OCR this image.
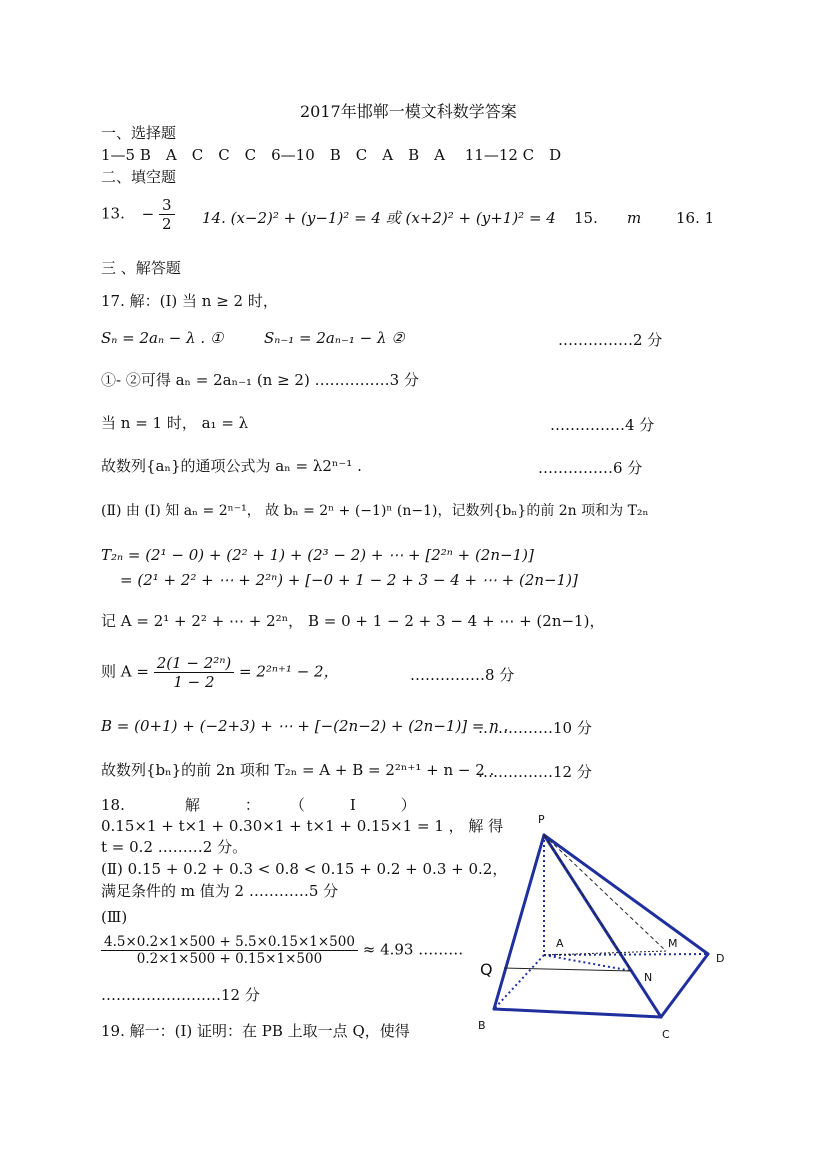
2017年邯郸一模文科数学答案
一、选择题
1—5 B　A　C　C　C　6—10　B　C　A　B　A　 11—12 C　D
二、填空题
13. − $\frac{3}{2} 14$. (x−2)² + (y−1)² = 4 或 (x+2)² + (y+1)² = 4 15. m 16. 1
三 、解答题
17. 解：(Ⅰ) 当 n ≥ 2 时，
Sₙ = 2aₙ − λ . ①	Sₙ₋₁ = 2aₙ₋₁ − λ ②	……………2 分
①‐ ②可得 aₙ = 2aₙ₋₁ (n ≥ 2) ……………3 分
当 n = 1 时， a₁ = λ	……………4 分
故数列{aₙ}的通项公式为 aₙ = λ2ⁿ⁻¹ .	……………6 分
(Ⅱ) 由 (Ⅰ) 知 aₙ = 2ⁿ⁻¹， 故 bₙ = 2ⁿ + (−1)ⁿ (n−1)，记数列{bₙ}的前 2n 项和为 T₂ₙ
T₂ₙ = (2¹ − 0) + (2² + 1) + (2³ − 2) + ⋯ + [2²ⁿ + (2n−1)]
= (2¹ + 2² + ⋯ + 2²ⁿ) + [−0 + 1 − 2 + 3 − 4 + ⋯ + (2n−1)]
记 A = 2¹ + 2² + ⋯ + 2²ⁿ， B = 0 + 1 − 2 + 3 − 4 + ⋯ + (2n−1)，
则 $A = \frac{\text{2(1 − 2²ⁿ)}}{1 - 2} = 2^{2n+1} - 2$，	……………8 分
B = (0+1) + (−2+3) + ⋯ + [−(2n−2) + (2n−1)] = n .
……………10 分
故数列{bₙ}的前 2n 项和 T₂ₙ = A + B = 2²ⁿ⁺¹ + n − 2 .
……………12 分
18.　　　　解　　　：　　　（　　　Ⅰ　　　）
0.15×1 + t×1 + 0.30×1 + t×1 + 0.15×1 = 1 ， 解 得
t = 0.2 ………2 分。
(Ⅱ) 0.15 + 0.2 + 0.3 < 0.8 < 0.15 + 0.2 + 0.3 + 0.2，
满足条件的 m 值为 2 …………5 分
(Ⅲ)
$\frac{4.5\times 0.2\times 1\times 500 + 5.5\times 0.15\times 1\times 500}{0.2\times 1\times 500 + 0.15\times 1\times 500} \approx 4.93$ ………
……………………12 分
19. 解一：(Ⅰ) 证明：在 PB 上取一点 Q，使得
P
A	M
D
N
B
C
Q
